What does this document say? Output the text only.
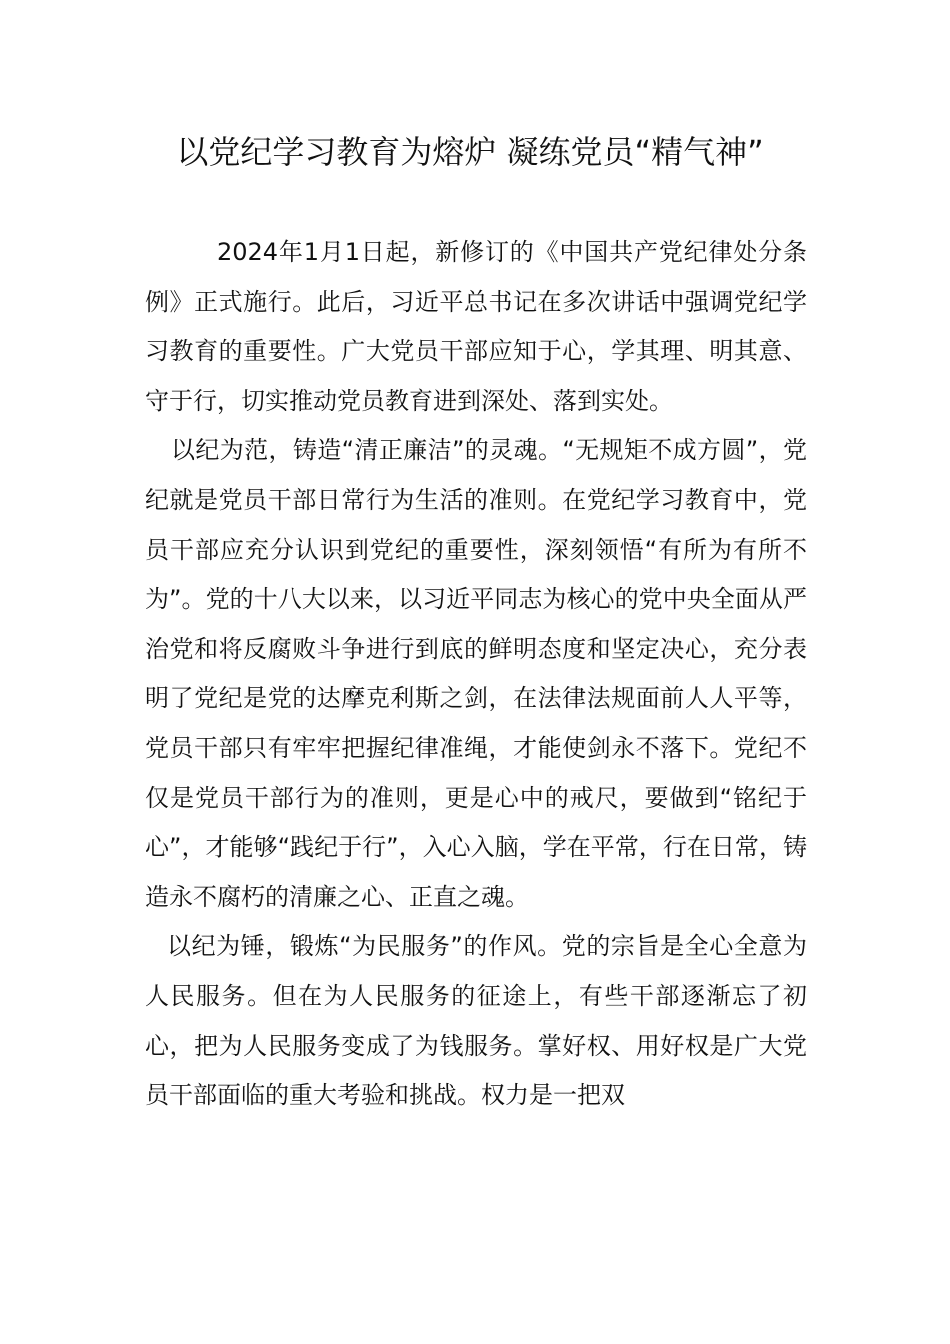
以党纪学习教育为熔炉 凝练党员“精气神”

2024年1月1日起，新修订的《中国共产党纪律处分条例》正式施行。此后，习近平总书记在多次讲话中强调党纪学习教育的重要性。广大党员干部应知于心，学其理、明其意、守于行，切实推动党员教育进到深处、落到实处。

以纪为范，铸造“清正廉洁”的灵魂。“无规矩不成方圆”，党纪就是党员干部日常行为生活的准则。在党纪学习教育中，党员干部应充分认识到党纪的重要性，深刻领悟“有所为有所不为”。党的十八大以来，以习近平同志为核心的党中央全面从严治党和将反腐败斗争进行到底的鲜明态度和坚定决心，充分表明了党纪是党的达摩克利斯之剑，在法律法规面前人人平等，党员干部只有牢牢把握纪律准绳，才能使剑永不落下。党纪不仅是党员干部行为的准则，更是心中的戒尺，要做到“铭纪于心”，才能够“践纪于行”，入心入脑，学在平常，行在日常，铸造永不腐朽的清廉之心、正直之魂。

以纪为锤，锻炼“为民服务”的作风。党的宗旨是全心全意为人民服务。但在为人民服务的征途上，有些干部逐渐忘了初心，把为人民服务变成了为钱服务。掌好权、用好权是广大党员干部面临的重大考验和挑战。权力是一把双
